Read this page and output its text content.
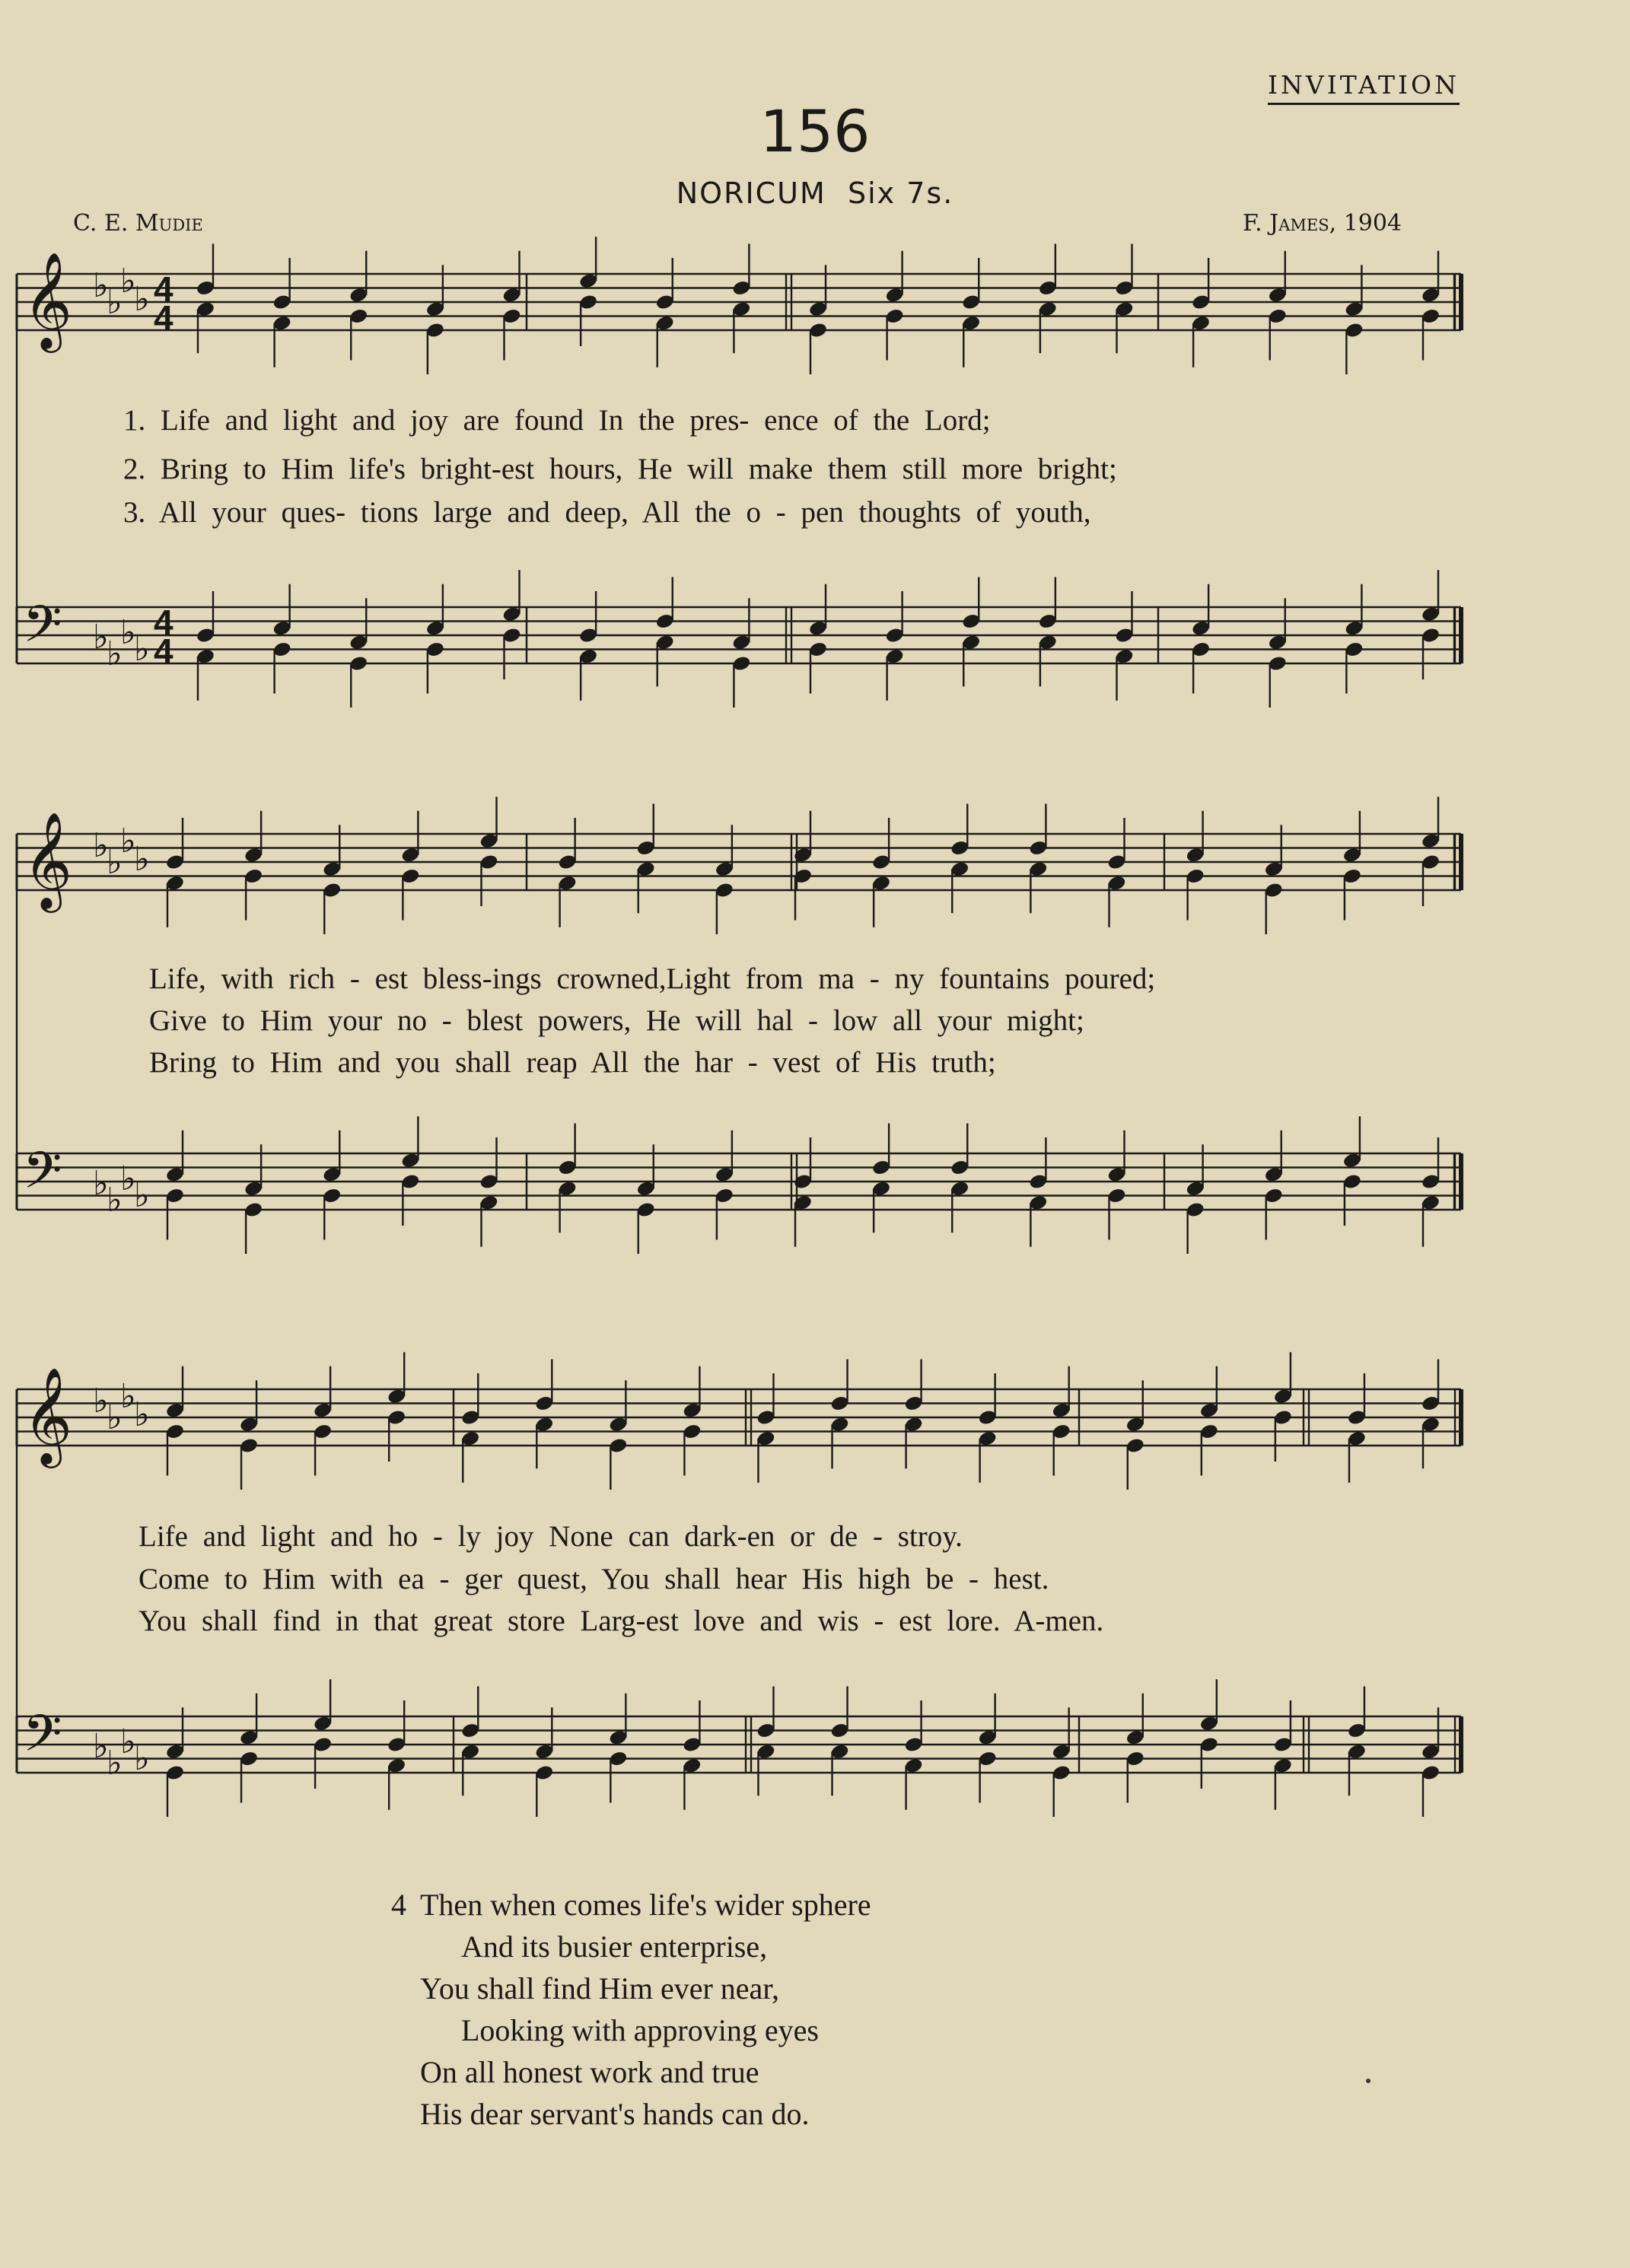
INVITATION
156
NORICUM Six 7s.
C. E. Mudie	F. James, 1904
𝄞 ♭
♭
♭
♭ 4
4
𝄢 ♭
♭
♭
♭
4
4
𝄞 ♭
♭
♭
♭
𝄢 ♭
♭
♭
♭
𝄞 ♭
♭
♭
♭
𝄢 ♭
♭
♭
♭
1. Life and light and joy are found In the pres- ence of the Lord;
2. Bring to Him life's bright-est hours, He will make them still more bright;
3. All your ques- tions large and deep, All the o - pen thoughts of youth,
Life, with rich - est bless-ings crowned,Light from ma - ny fountains poured;
Give to Him your no - blest powers, He will hal - low all your might;
Bring to Him and you shall reap All the har - vest of His truth;
Life and light and ho - ly joy None can dark-en or de - stroy.
Come to Him with ea - ger quest, You shall hear His high be - hest.
You shall find in that great store Larg-est love and wis - est lore. A-men.
4 Then when comes life's wider sphere
And its busier enterprise,
You shall find Him ever near,
Looking with approving eyes
On all honest work and true
His dear servant's hands can do.
